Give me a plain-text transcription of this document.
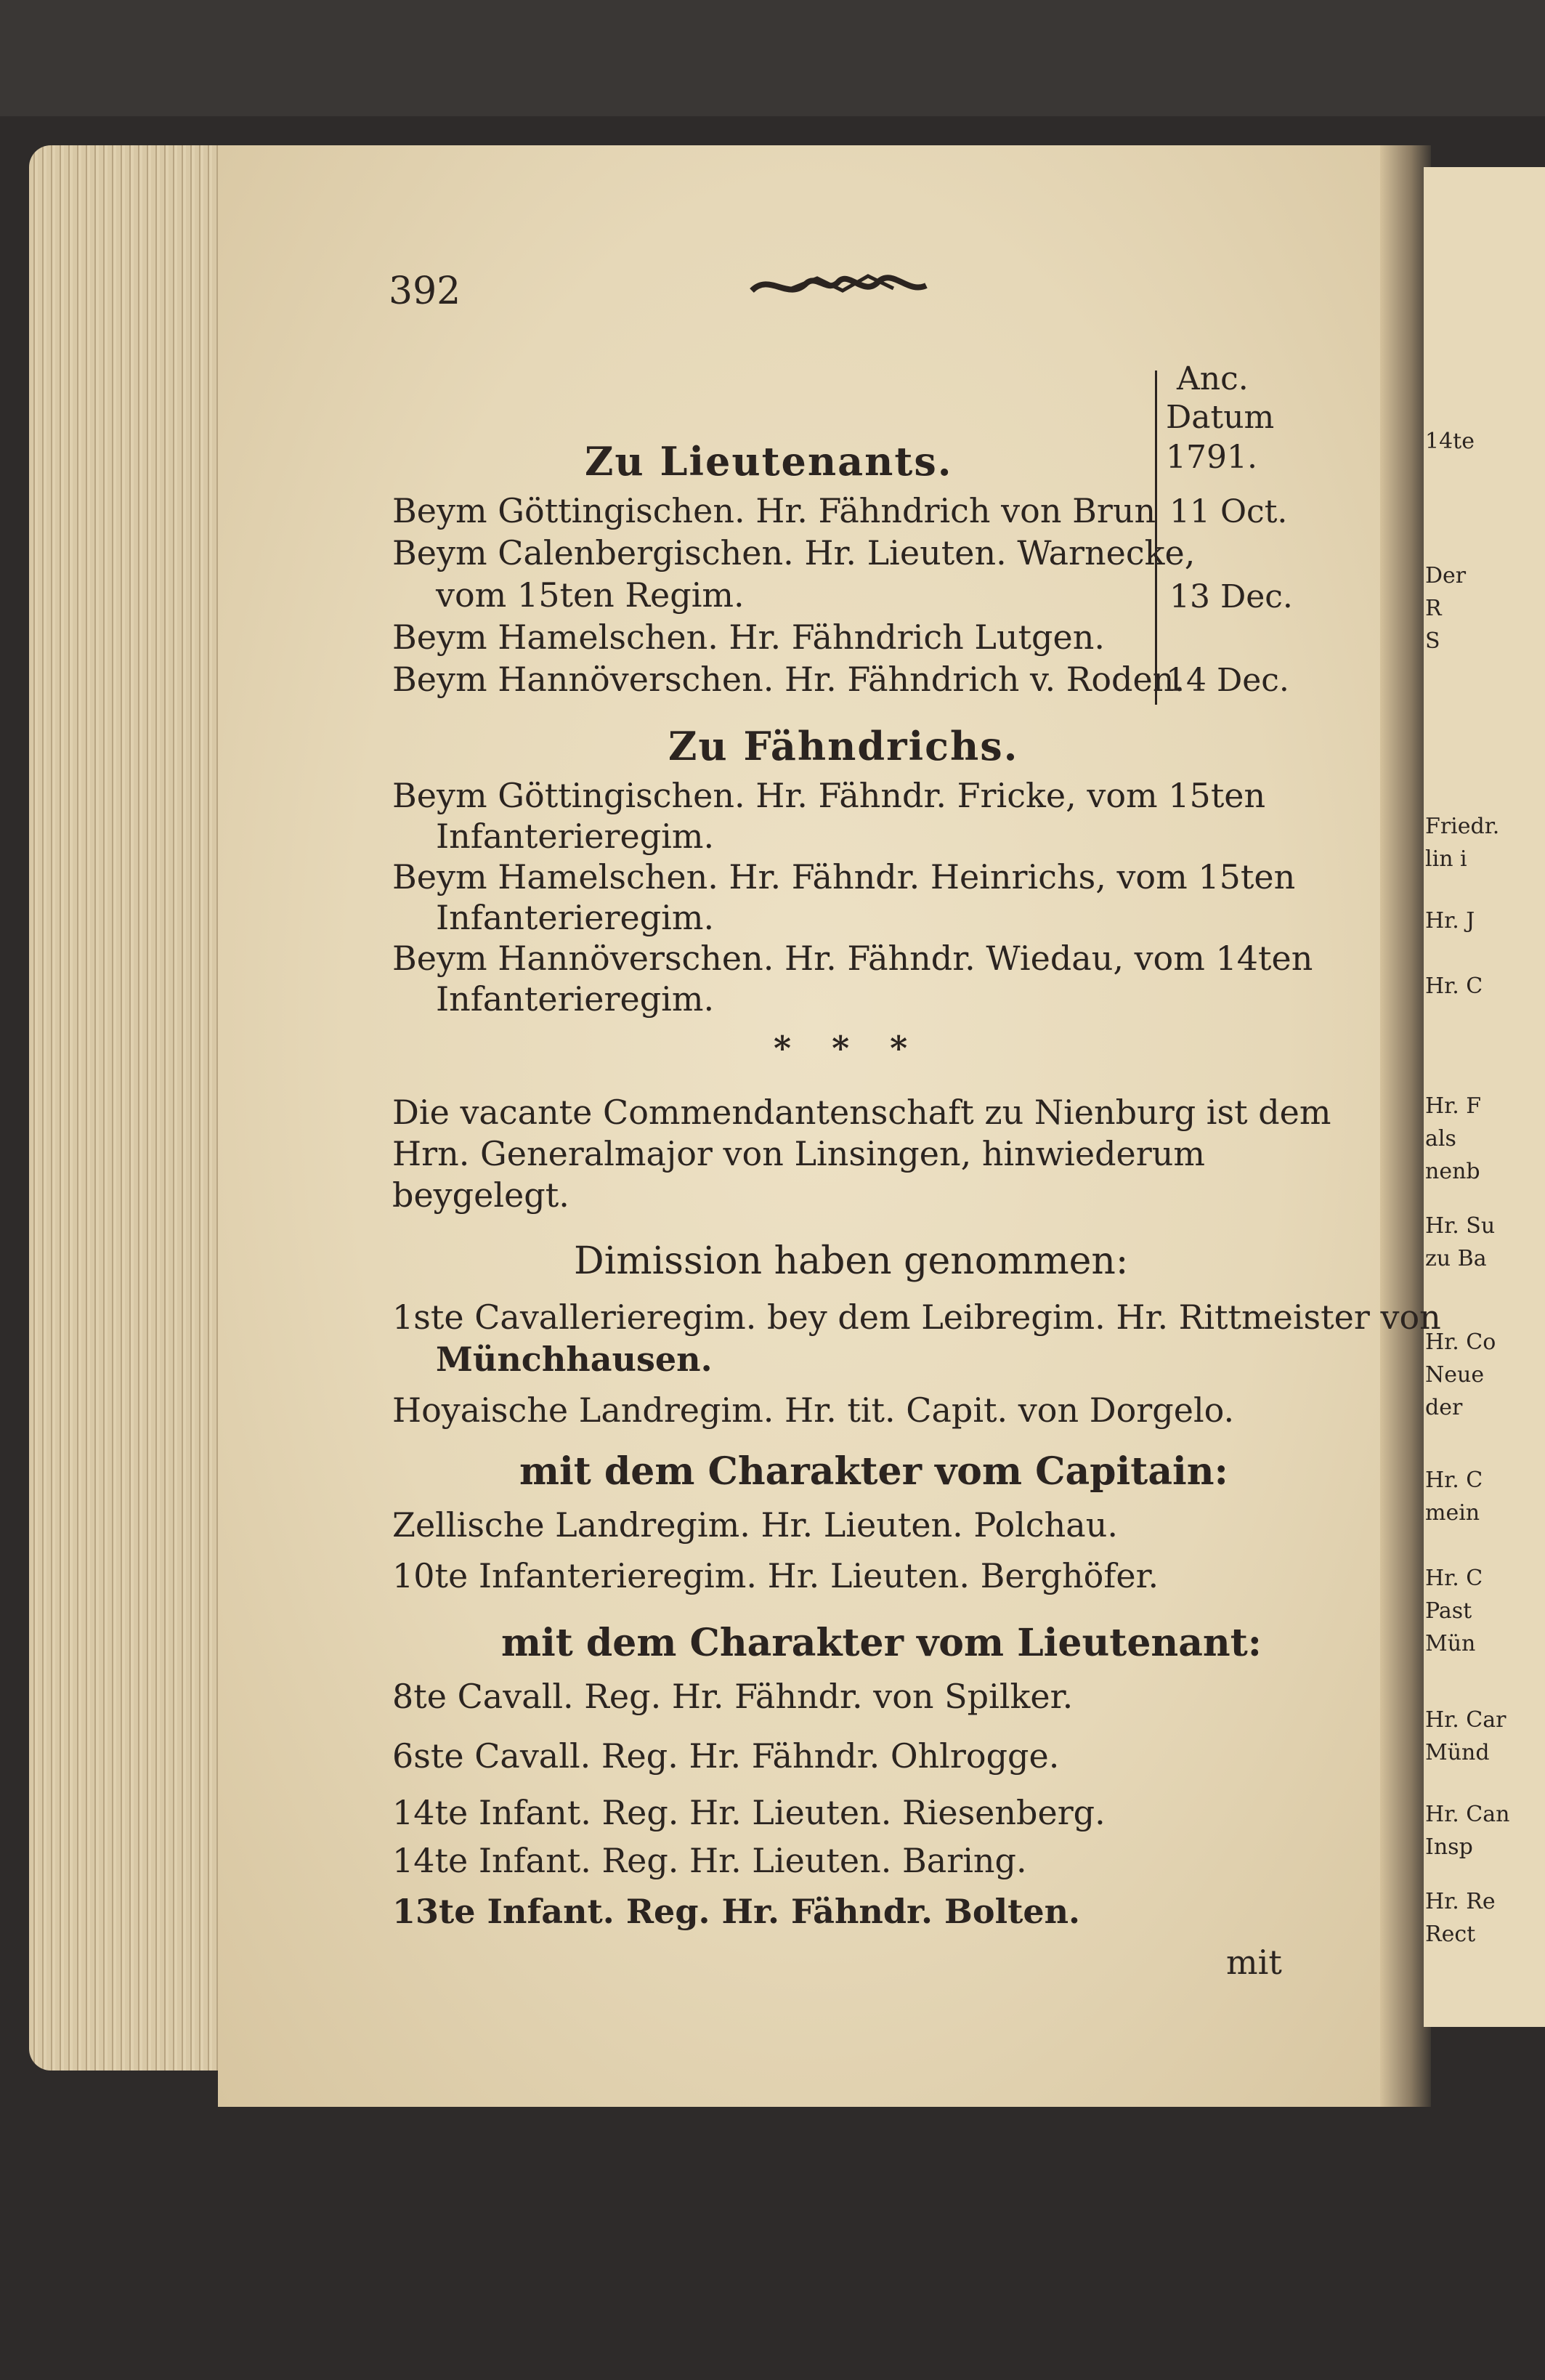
14te
Der
R
S
Friedr.
lin i
Hr. J
Hr. C
Hr. F
als
nenb
Hr. Su
zu Ba
Hr. Co
Neue
der
Hr. C
mein
Hr. C
Past
Mün
Hr. Car
Münd
Hr. Can
Insp
Hr. Re
Rect
392
Anc.
Datum
1791.
Zu Lieutenants.
Beym Göttingischen. Hr. Fähndrich von Brun 11 Oct.
Beym Calenbergischen. Hr. Lieuten. Warnecke,
vom 15ten Regim.	13 Dec.
Beym Hamelschen. Hr. Fähndrich Lutgen.
Beym Hannöverschen. Hr. Fähndrich v. Roden.
14 Dec.
Zu Fähndrichs.
Beym Göttingischen. Hr. Fähndr. Fricke, vom 15ten
Infanterieregim.
Beym Hamelschen. Hr. Fähndr. Heinrichs, vom 15ten
Infanterieregim.
Beym Hannöverschen. Hr. Fähndr. Wiedau, vom 14ten
Infanterieregim.
* * *
Die vacante Commendantenschaft zu Nienburg ist dem
Hrn. Generalmajor von Linsingen, hinwiederum
beygelegt.
Dimission haben genommen:
1ste Cavallerieregim. bey dem Leibregim. Hr. Rittmeister von
Münchhausen.
Hoyaische Landregim. Hr. tit. Capit. von Dorgelo.
mit dem Charakter vom Capitain:
Zellische Landregim. Hr. Lieuten. Polchau.
10te Infanterieregim. Hr. Lieuten. Berghöfer.
mit dem Charakter vom Lieutenant:
8te Cavall. Reg. Hr. Fähndr. von Spilker.
6ste Cavall. Reg. Hr. Fähndr. Ohlrogge.
14te Infant. Reg. Hr. Lieuten. Riesenberg.
14te Infant. Reg. Hr. Lieuten. Baring.
13te Infant. Reg. Hr. Fähndr. Bolten.
mit
